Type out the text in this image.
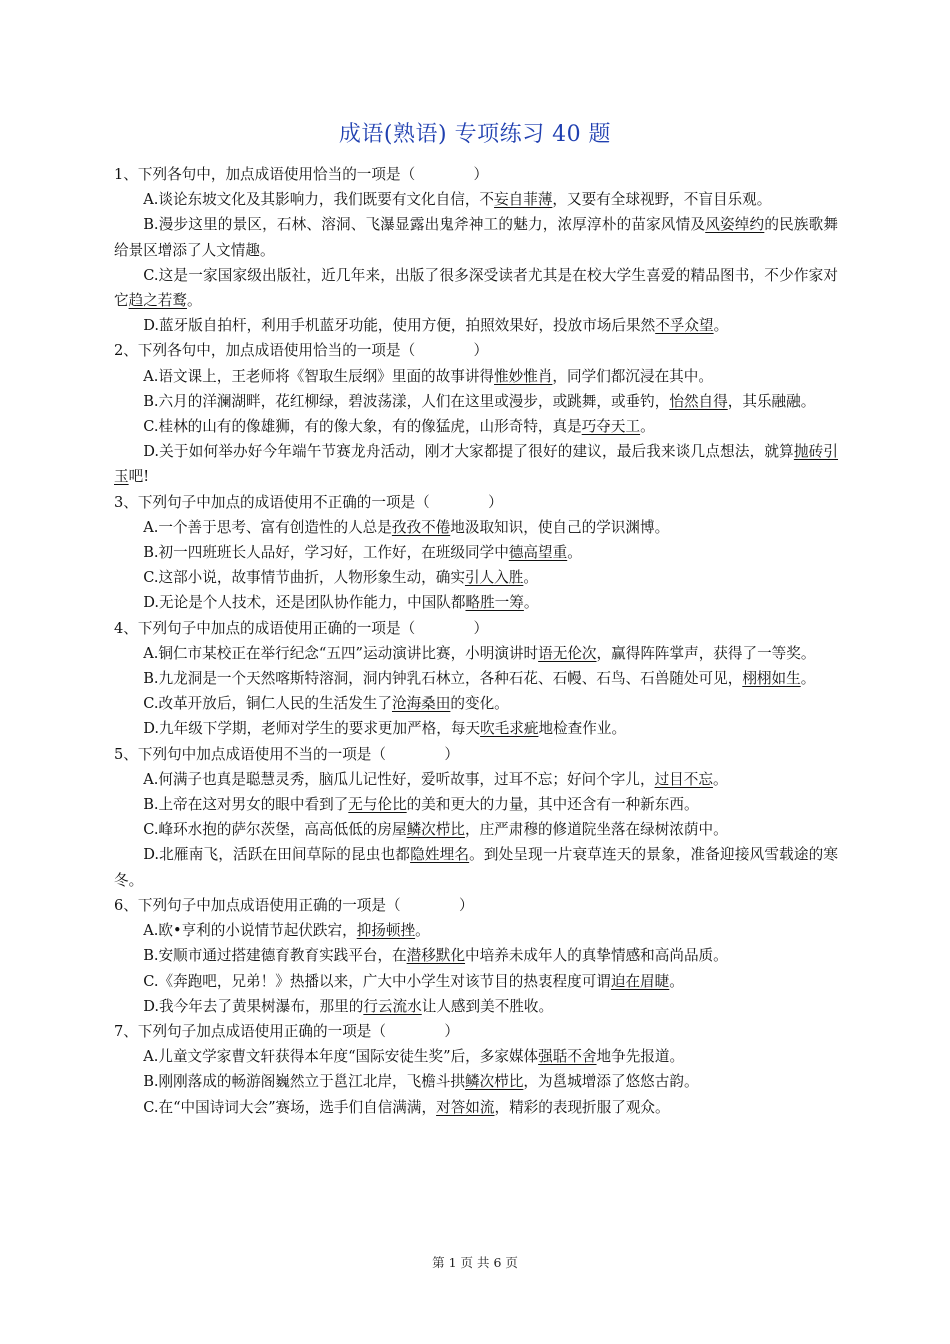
成语(熟语) 专项练习 40 题

1、下列各句中，加点成语使用恰当的一项是（　　　　）

A.谈论东坡文化及其影响力，我们既要有文化自信，不妄自菲薄，又要有全球视野，不盲目乐观。

B.漫步这里的景区，石林、溶洞、飞瀑显露出鬼斧神工的魅力，浓厚淳朴的苗家风情及风姿绰约的民族歌舞给景区增添了人文情趣。

C.这是一家国家级出版社，近几年来，出版了很多深受读者尤其是在校大学生喜爱的精品图书，不少作家对它趋之若鹜。

D.蓝牙版自拍杆，利用手机蓝牙功能，使用方便，拍照效果好，投放市场后果然不孚众望。

2、下列各句中，加点成语使用恰当的一项是（　　　　）

A.语文课上，王老师将《智取生辰纲》里面的故事讲得惟妙惟肖，同学们都沉浸在其中。

B.六月的洋澜湖畔，花红柳绿，碧波荡漾，人们在这里或漫步，或跳舞，或垂钓，怡然自得，其乐融融。

C.桂林的山有的像雄狮，有的像大象，有的像猛虎，山形奇特，真是巧夺天工。

D.关于如何举办好今年端午节赛龙舟活动，刚才大家都提了很好的建议，最后我来谈几点想法，就算抛砖引玉吧!

3、下列句子中加点的成语使用不正确的一项是（　　　　）

A.一个善于思考、富有创造性的人总是孜孜不倦地汲取知识，使自己的学识渊博。

B.初一四班班长人品好，学习好，工作好，在班级同学中德高望重。

C.这部小说，故事情节曲折，人物形象生动，确实引人入胜。

D.无论是个人技术，还是团队协作能力，中国队都略胜一筹。

4、下列句子中加点的成语使用正确的一项是（　　　　）

A.铜仁市某校正在举行纪念“五四”运动演讲比赛，小明演讲时语无伦次，赢得阵阵掌声，获得了一等奖。

B.九龙洞是一个天然喀斯特溶洞，洞内钟乳石林立，各种石花、石幔、石鸟、石兽随处可见，栩栩如生。

C.改革开放后，铜仁人民的生活发生了沧海桑田的变化。

D.九年级下学期，老师对学生的要求更加严格，每天吹毛求疵地检查作业。

5、下列句中加点成语使用不当的一项是（　　　　）

A.何满子也真是聪慧灵秀，脑瓜儿记性好，爱听故事，过耳不忘；好问个字儿，过目不忘。

B.上帝在这对男女的眼中看到了无与伦比的美和更大的力量，其中还含有一种新东西。

C.峰环水抱的萨尔茨堡，高高低低的房屋鳞次栉比，庄严肃穆的修道院坐落在绿树浓荫中。

D.北雁南飞，活跃在田间草际的昆虫也都隐姓埋名。到处呈现一片衰草连天的景象，准备迎接风雪载途的寒冬。

6、下列句子中加点成语使用正确的一项是（　　　　）

A.欧•亨利的小说情节起伏跌宕，抑扬顿挫。

B.安顺市通过搭建德育教育实践平台，在潜移默化中培养未成年人的真挚情感和高尚品质。

C.《奔跑吧，兄弟！》热播以来，广大中小学生对该节目的热衷程度可谓迫在眉睫。

D.我今年去了黄果树瀑布，那里的行云流水让人感到美不胜收。

7、下列句子加点成语使用正确的一项是（　　　　）

A.儿童文学家曹文轩获得本年度“国际安徒生奖”后，多家媒体强聒不舍地争先报道。

B.刚刚落成的畅游阁巍然立于邕江北岸，飞檐斗拱鳞次栉比，为邕城增添了悠悠古韵。

C.在“中国诗词大会”赛场，选手们自信满满，对答如流，精彩的表现折服了观众。

第 1 页 共 6 页
